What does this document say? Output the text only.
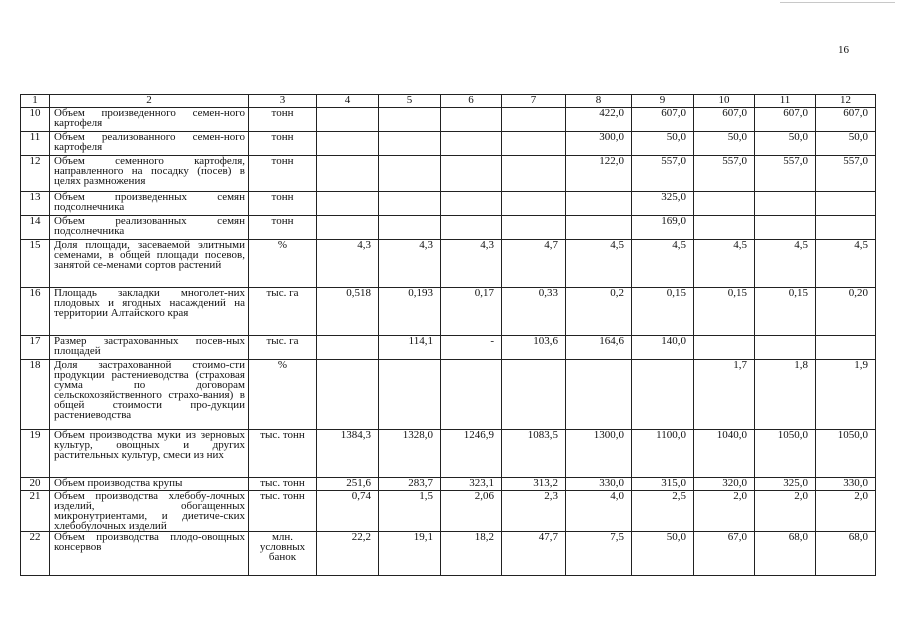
16
1	2	3	4	5	6	7	8	9	10	11	12
10	Объем произведенного семен-ного картофеля	тонн					422,0	607,0	607,0	607,0	607,0
11	Объем реализованного семен-ного картофеля	тонн					300,0	50,0	50,0	50,0	50,0
12	Объем семенного картофеля, направленного на посадку (посев) в целях размножения	тонн					122,0	557,0	557,0	557,0	557,0
13	Объем произведенных семян подсолнечника	тонн						325,0			
14	Объем реализованных семян подсолнечника	тонн						169,0			
15	Доля площади, засеваемой элитными семенами, в общей площади посевов, занятой се-менами сортов растений	%	4,3	4,3	4,3	4,7	4,5	4,5	4,5	4,5	4,5
16	Площадь закладки многолет-них плодовых и ягодных насаждений на территории Алтайского края	тыс. га	0,518	0,193	0,17	0,33	0,2	0,15	0,15	0,15	0,20
17	Размер застрахованных посев-ных площадей	тыс. га		114,1	-	103,6	164,6	140,0			
18	Доля застрахованной стоимо-сти продукции растениеводства (страховая сумма по договорам сельскохозяйственного страхо-вания) в общей стоимости про-дукции растениеводства	%							1,7	1,8	1,9
19	Объем производства муки из зерновых культур, овощных и других растительных культур, смеси из них	тыс. тонн	1384,3	1328,0	1246,9	1083,5	1300,0	1100,0	1040,0	1050,0	1050,0
20	Объем производства крупы	тыс. тонн	251,6	283,7	323,1	313,2	330,0	315,0	320,0	325,0	330,0
21	Объем производства хлебобу-лочных изделий, обогащенных микронутриентами, и диетиче-ских хлебобулочных изделий	тыс. тонн	0,74	1,5	2,06	2,3	4,0	2,5	2,0	2,0	2,0
22	Объем производства плодо-овощных консервов	млн. условных банок	22,2	19,1	18,2	47,7	7,5	50,0	67,0	68,0	68,0
